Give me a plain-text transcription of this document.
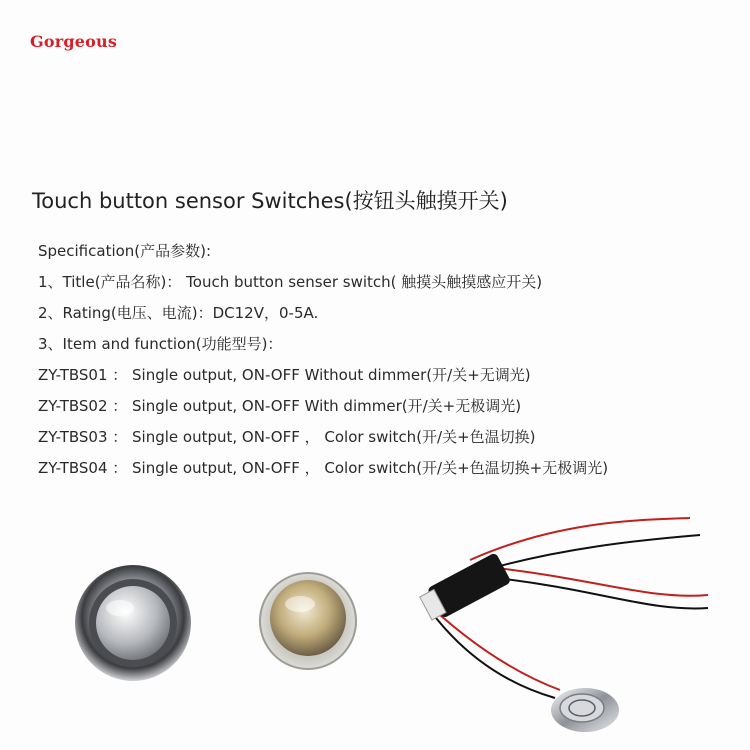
Gorgeous
Touch button sensor Switches(按钮头触摸开关)
Specification(产品参数):
1、Title(产品名称)： Touch button senser switch( 触摸头触摸感应开关)
2、Rating(电压、电流)：DC12V，0-5A.
3、Item and function(功能型号)：
ZY-TBS01 ： Single output, ON-OFF Without dimmer(开/关+无调光)
ZY-TBS02 ： Single output, ON-OFF With dimmer(开/关+无极调光)
ZY-TBS03 ： Single output, ON-OFF ， Color switch(开/关+色温切换)
ZY-TBS04 ： Single output, ON-OFF ， Color switch(开/关+色温切换+无极调光)
